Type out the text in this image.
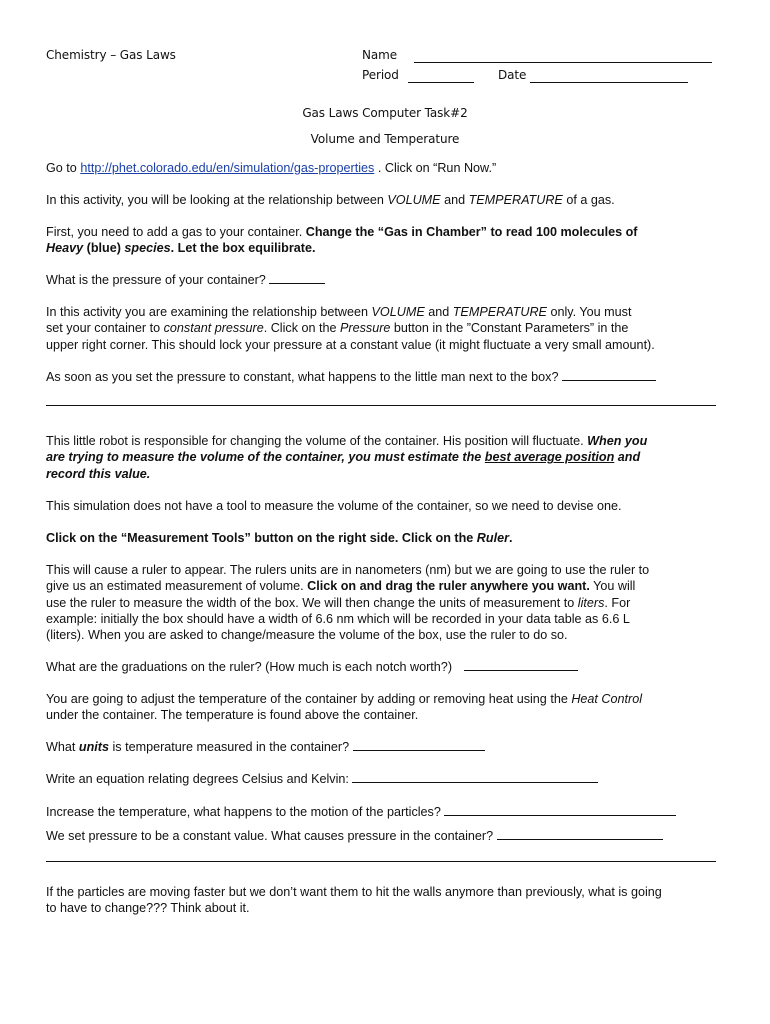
Chemistry – Gas Laws	Name
Period	Date
Gas Laws Computer Task#2
Volume and Temperature

Go to http://phet.colorado.edu/en/simulation/gas-properties . Click on “Run Now.”

In this activity, you will be looking at the relationship between VOLUME and TEMPERATURE of a gas.

First, you need to add a gas to your container. Change the “Gas in Chamber” to read 100 molecules of
Heavy (blue) species. Let the box equilibrate.

What is the pressure of your container?

In this activity you are examining the relationship between VOLUME and TEMPERATURE only. You must
set your container to constant pressure. Click on the Pressure button in the ”Constant Parameters” in the
upper right corner. This should lock your pressure at a constant value (it might fluctuate a very small amount).

As soon as you set the pressure to constant, what happens to the little man next to the box?

This little robot is responsible for changing the volume of the container. His position will fluctuate. When you
are trying to measure the volume of the container, you must estimate the best average position and
record this value.

This simulation does not have a tool to measure the volume of the container, so we need to devise one.

Click on the “Measurement Tools” button on the right side. Click on the Ruler.

This will cause a ruler to appear. The rulers units are in nanometers (nm) but we are going to use the ruler to
give us an estimated measurement of volume. Click on and drag the ruler anywhere you want. You will
use the ruler to measure the width of the box. We will then change the units of measurement to liters. For
example: initially the box should have a width of 6.6 nm which will be recorded in your data table as 6.6 L
(liters). When you are asked to change/measure the volume of the box, use the ruler to do so.

What are the graduations on the ruler? (How much is each notch worth?)

You are going to adjust the temperature of the container by adding or removing heat using the Heat Control
under the container. The temperature is found above the container.

What units is temperature measured in the container?

Write an equation relating degrees Celsius and Kelvin:

Increase the temperature, what happens to the motion of the particles?

We set pressure to be a constant value. What causes pressure in the container?

If the particles are moving faster but we don’t want them to hit the walls anymore than previously, what is going
to have to change??? Think about it.
